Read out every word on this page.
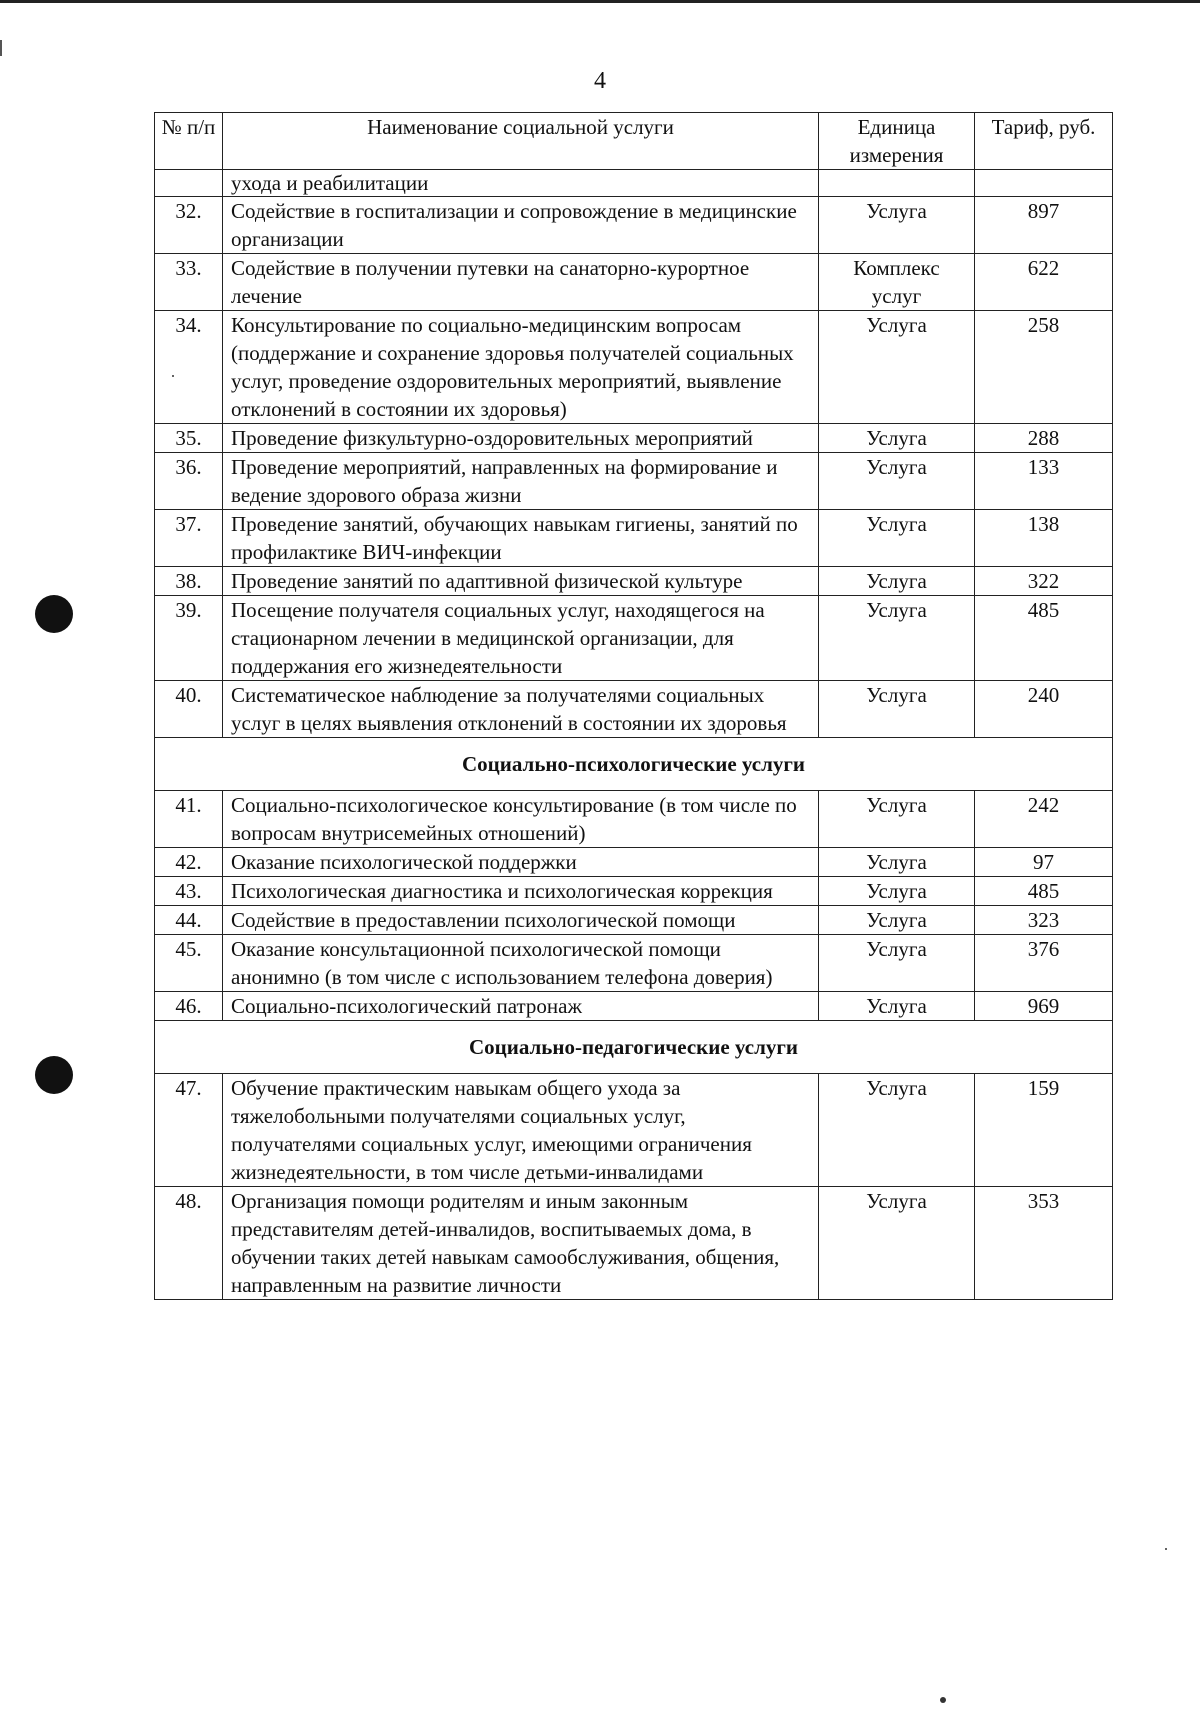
4
№ п/п	Наименование социальной услуги	Единица измерения	Тариф, руб.
	ухода и реабилитации		
32.	Содействие в госпитализации и сопровождение в медицинские организации	Услуга	897
33.	Содействие в получении путевки на санаторно-курортное лечение	Комплекс услуг	622
34.	Консультирование по социально-медицинским вопросам (поддержание и сохранение здоровья получателей социальных услуг, проведение оздоровительных мероприятий, выявление отклонений в состоянии их здоровья)	Услуга	258
35.	Проведение физкультурно-оздоровительных мероприятий	Услуга	288
36.	Проведение мероприятий, направленных на формирование и ведение здорового образа жизни	Услуга	133
37.	Проведение занятий, обучающих навыкам гигиены, занятий по профилактике ВИЧ-инфекции	Услуга	138
38.	Проведение занятий по адаптивной физической культуре	Услуга	322
39.	Посещение получателя социальных услуг, находящегося на стационарном лечении в медицинской организации, для поддержания его жизнедеятельности	Услуга	485
40.	Систематическое наблюдение за получателями социальных услуг в целях выявления отклонений в состоянии их здоровья	Услуга	240
Социально-психологические услуги			
41.	Социально-психологическое консультирование (в том числе по вопросам внутрисемейных отношений)	Услуга	242
42.	Оказание психологической поддержки	Услуга	97
43.	Психологическая диагностика и психологическая коррекция	Услуга	485
44.	Содействие в предоставлении психологической помощи	Услуга	323
45.	Оказание консультационной психологической помощи анонимно (в том числе с использованием телефона доверия)	Услуга	376
46.	Социально-психологический патронаж	Услуга	969
Социально-педагогические услуги			
47.	Обучение практическим навыкам общего ухода за тяжелобольными получателями социальных услуг, получателями социальных услуг, имеющими ограничения жизнедеятельности, в том числе детьми-инвалидами	Услуга	159
48.	Организация помощи родителям и иным законным представителям детей-инвалидов, воспитываемых дома, в обучении таких детей навыкам самообслуживания, общения, направленным на развитие личности	Услуга	353
